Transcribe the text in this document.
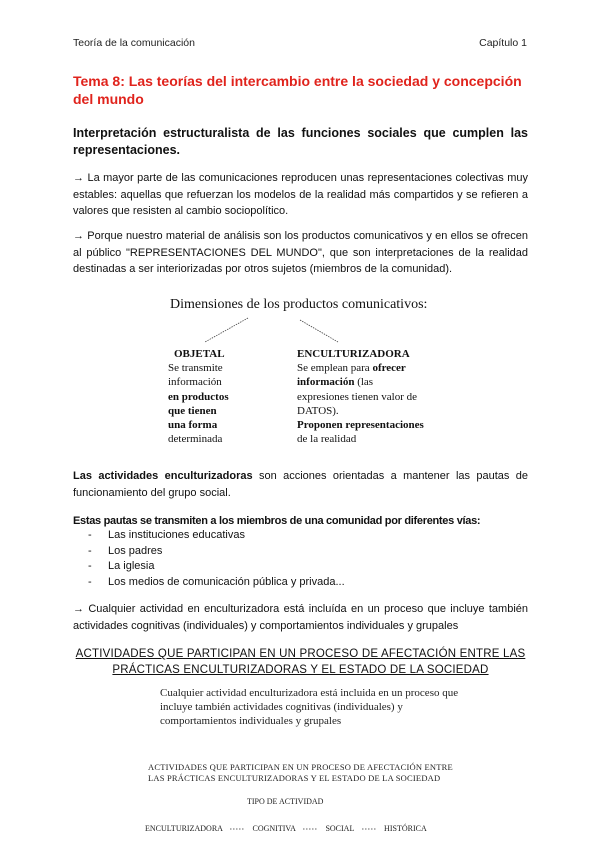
Teoría de la comunicación	Capítulo 1
Tema 8: Las teorías del intercambio entre la sociedad y concepción del mundo
Interpretación estructuralista de las funciones sociales que cumplen las representaciones.
→ La mayor parte de las comunicaciones reproducen unas representaciones colectivas muy estables: aquellas que refuerzan los modelos de la realidad más compartidos y se refieren a valores que resisten al cambio sociopolítico.
→ Porque nuestro material de análisis son los productos comunicativos y en ellos se ofrecen al público "REPRESENTACIONES DEL MUNDO", que son interpretaciones de la realidad destinadas a ser interiorizadas por otros sujetos (miembros de la comunidad).
Dimensiones de los productos comunicativos:
OBJETAL
Se transmite
información
en productos
que tienen
una forma
determinada
ENCULTURIZADORA
Se emplean para ofrecer
información (las
expresiones tienen valor de
DATOS).
Proponen representaciones
de la realidad
Las actividades enculturizadoras son acciones orientadas a mantener las pautas de funcionamiento del grupo social.
Estas pautas se transmiten a los miembros de una comunidad por diferentes vías:
- Las instituciones educativas
- Los padres
- La iglesia
- Los medios de comunicación pública y privada...
→ Cualquier actividad en enculturizadora está incluída en un proceso que incluye también actividades cognitivas (individuales) y comportamientos individuales y grupales
ACTIVIDADES QUE PARTICIPAN EN UN PROCESO DE AFECTACIÓN ENTRE LAS
PRÁCTICAS ENCULTURIZADORAS Y EL ESTADO DE LA SOCIEDAD
Cualquier actividad enculturizadora está incluida en un proceso que incluye también actividades cognitivas (individuales) y comportamientos individuales y grupales
ACTIVIDADES QUE PARTICIPAN EN UN PROCESO DE AFECTACIÓN ENTRE
LAS PRÁCTICAS ENCULTURIZADORAS Y EL ESTADO DE LA SOCIEDAD
TIPO DE ACTIVIDAD
ENCULTURIZADORA	COGNITIVA	SOCIAL	HISTÓRICA
